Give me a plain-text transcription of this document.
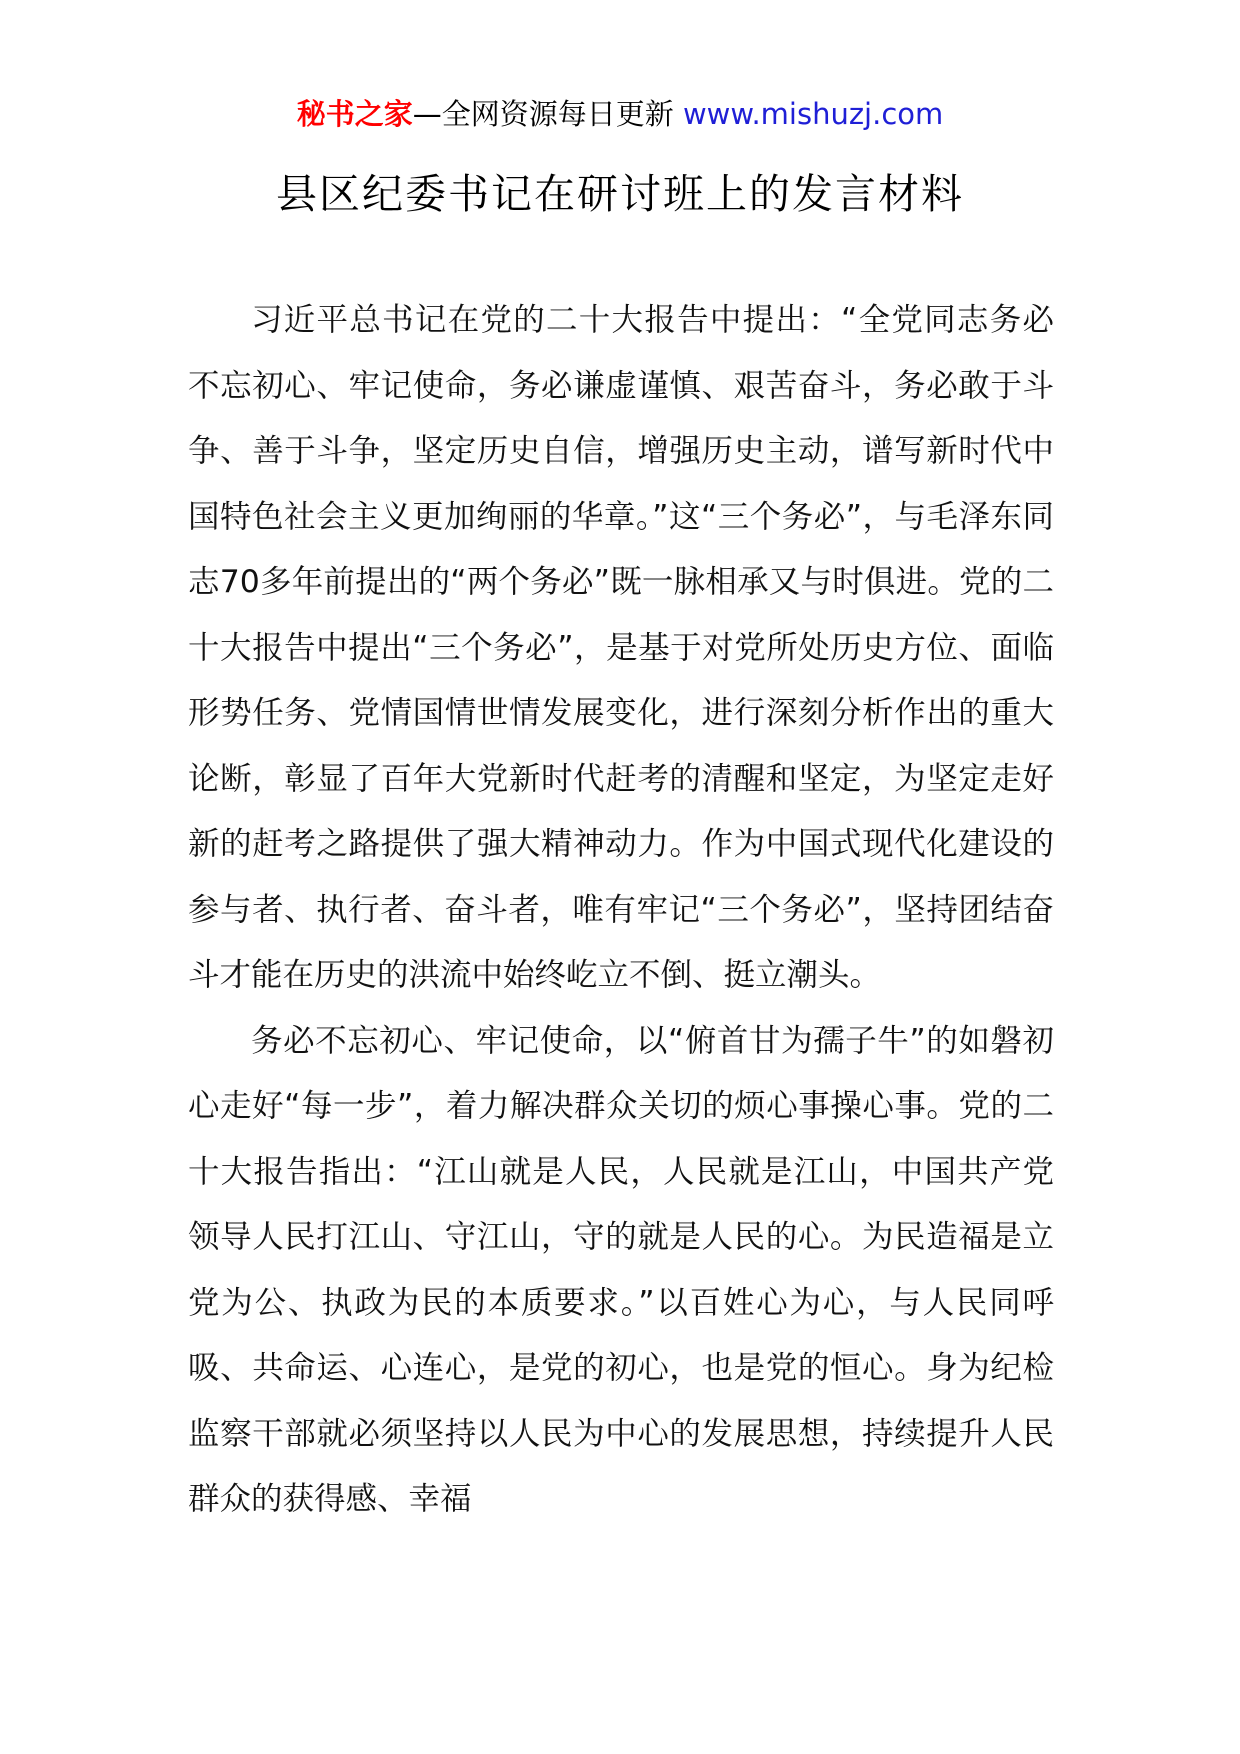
秘书之家—全网资源每日更新 www.mishuzj.com
县区纪委书记在研讨班上的发言材料

习近平总书记在党的二十大报告中提出：“全党同志务必不忘初心、牢记使命，务必谦虚谨慎、艰苦奋斗，务必敢于斗争、善于斗争，坚定历史自信，增强历史主动，谱写新时代中国特色社会主义更加绚丽的华章。”这“三个务必”，与毛泽东同志70多年前提出的“两个务必”既一脉相承又与时俱进。党的二十大报告中提出“三个务必”，是基于对党所处历史方位、面临形势任务、党情国情世情发展变化，进行深刻分析作出的重大论断，彰显了百年大党新时代赶考的清醒和坚定，为坚定走好新的赶考之路提供了强大精神动力。作为中国式现代化建设的参与者、执行者、奋斗者，唯有牢记“三个务必”，坚持团结奋斗才能在历史的洪流中始终屹立不倒、挺立潮头。

务必不忘初心、牢记使命，以“俯首甘为孺子牛”的如磐初心走好“每一步”，着力解决群众关切的烦心事操心事。党的二十大报告指出：“江山就是人民，人民就是江山，中国共产党领导人民打江山、守江山，守的就是人民的心。为民造福是立党为公、执政为民的本质要求。”以百姓心为心，与人民同呼吸、共命运、心连心，是党的初心，也是党的恒心。身为纪检监察干部就必须坚持以人民为中心的发展思想，持续提升人民群众的获得感、幸福
